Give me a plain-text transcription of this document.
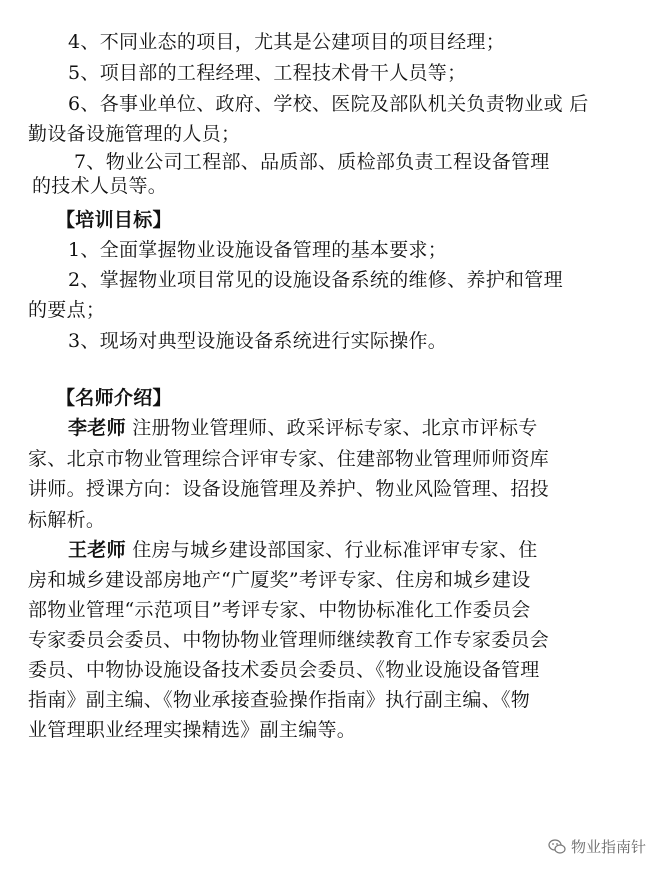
4、不同业态的项目，尤其是公建项目的项目经理；
5、项目部的工程经理、工程技术骨干人员等；
6、各事业单位、政府、学校、医院及部队机关负责物业或 后
勤设备设施管理的人员；
7、物业公司工程部、品质部、质检部负责工程设备管理
的技术人员等。
【培训目标】
1、全面掌握物业设施设备管理的基本要求；
2、掌握物业项目常见的设施设备系统的维修、养护和管理
的要点；
3、现场对典型设施设备系统进行实际操作。
【名师介绍】
李老师 注册物业管理师、政采评标专家、北京市评标专
家、北京市物业管理综合评审专家、住建部物业管理师师资库
讲师。授课方向：设备设施管理及养护、物业风险管理、招投
标解析。
王老师 住房与城乡建设部国家、行业标准评审专家、住
房和城乡建设部房地产“广厦奖”考评专家、住房和城乡建设
部物业管理“示范项目”考评专家、中物协标准化工作委员会
专家委员会委员、中物协物业管理师继续教育工作专家委员会
委员、中物协设施设备技术委员会委员、《物业设施设备管理
指南》副主编、《物业承接查验操作指南》执行副主编、《物
业管理职业经理实操精选》副主编等。
物业指南针
